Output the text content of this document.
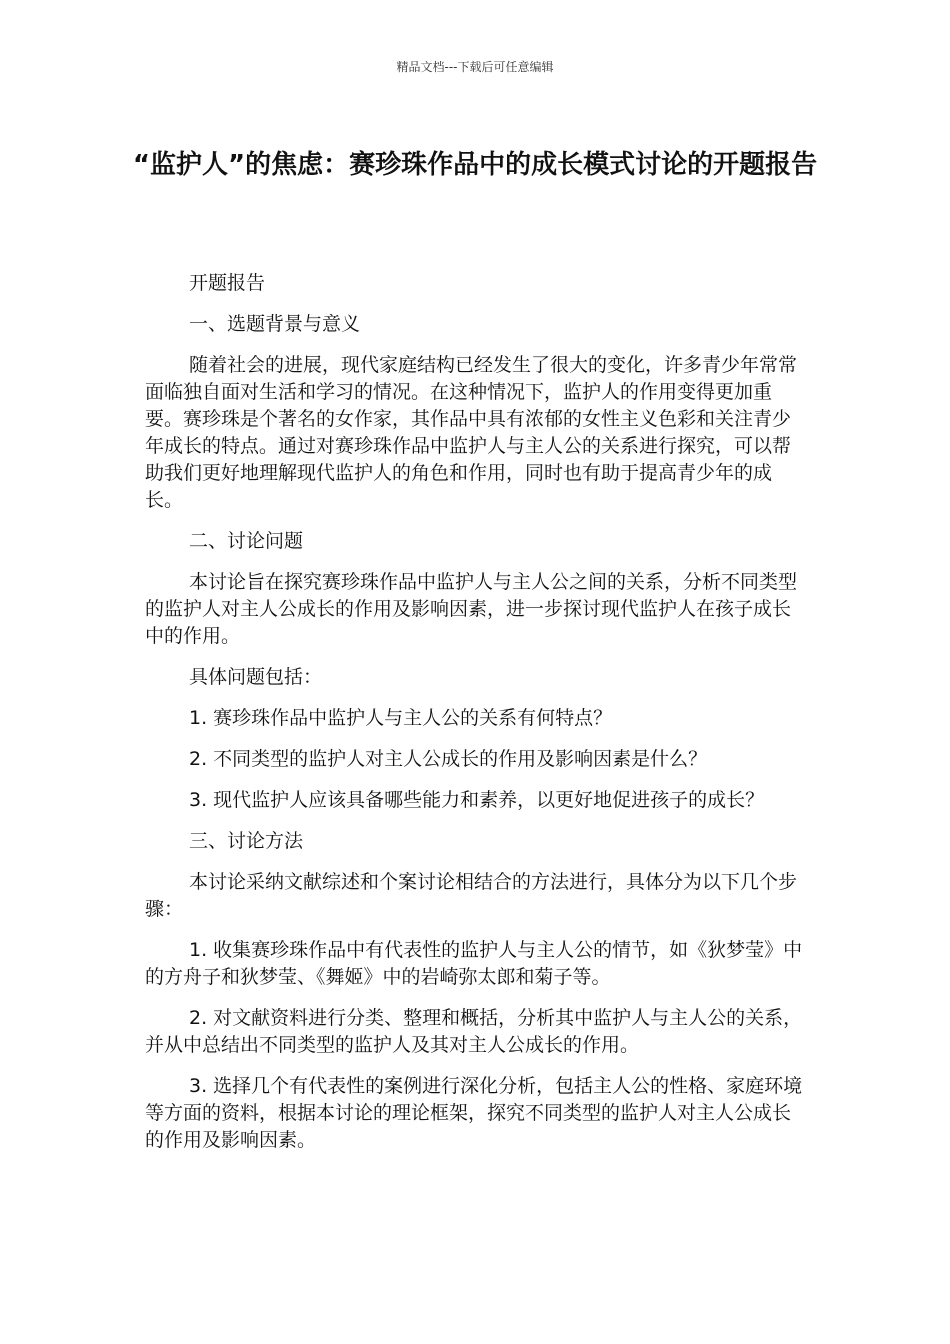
精品文档---下载后可任意编辑
“监护人”的焦虑：赛珍珠作品中的成长模式讨论的开题报告

开题报告

一、选题背景与意义

随着社会的进展，现代家庭结构已经发生了很大的变化，许多青少年常常面临独自面对生活和学习的情况。在这种情况下，监护人的作用变得更加重要。赛珍珠是个著名的女作家，其作品中具有浓郁的女性主义色彩和关注青少年成长的特点。通过对赛珍珠作品中监护人与主人公的关系进行探究，可以帮助我们更好地理解现代监护人的角色和作用，同时也有助于提高青少年的成长。

二、讨论问题

本讨论旨在探究赛珍珠作品中监护人与主人公之间的关系，分析不同类型的监护人对主人公成长的作用及影响因素，进一步探讨现代监护人在孩子成长中的作用。

具体问题包括：

1. 赛珍珠作品中监护人与主人公的关系有何特点？

2. 不同类型的监护人对主人公成长的作用及影响因素是什么？

3. 现代监护人应该具备哪些能力和素养，以更好地促进孩子的成长？

三、讨论方法

本讨论采纳文献综述和个案讨论相结合的方法进行，具体分为以下几个步骤：

1. 收集赛珍珠作品中有代表性的监护人与主人公的情节，如《狄梦莹》中的方舟子和狄梦莹、《舞姬》中的岩崎弥太郎和菊子等。

2. 对文献资料进行分类、整理和概括，分析其中监护人与主人公的关系，并从中总结出不同类型的监护人及其对主人公成长的作用。

3. 选择几个有代表性的案例进行深化分析，包括主人公的性格、家庭环境等方面的资料，根据本讨论的理论框架，探究不同类型的监护人对主人公成长的作用及影响因素。
